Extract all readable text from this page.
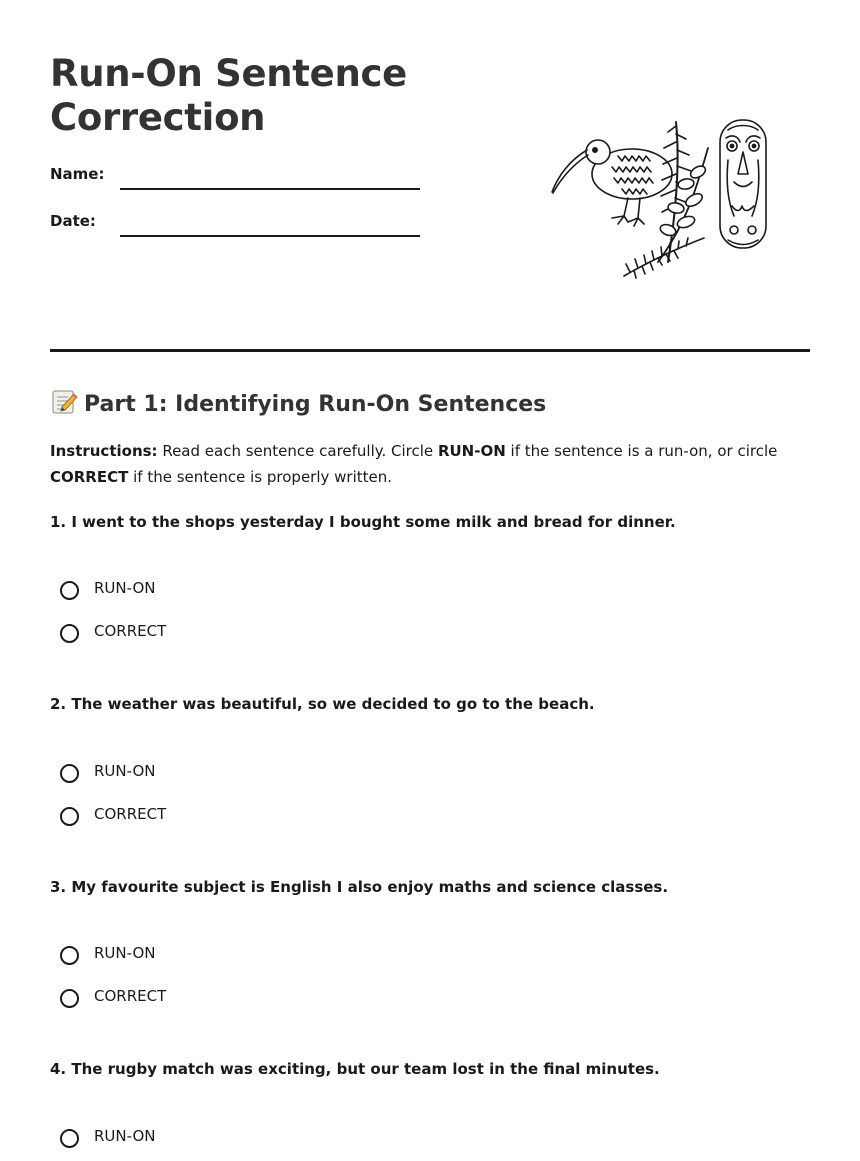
Run-On Sentence
Correction
Name:
Date:
Part 1: Identifying Run-On Sentences

Instructions: Read each sentence carefully. Circle RUN-ON if the sentence is a run-on, or circle CORRECT if the sentence is properly written.

1. I went to the shops yesterday I bought some milk and bread for dinner.

RUN-ON
CORRECT

2. The weather was beautiful, so we decided to go to the beach.

RUN-ON
CORRECT

3. My favourite subject is English I also enjoy maths and science classes.

RUN-ON
CORRECT

4. The rugby match was exciting, but our team lost in the final minutes.

RUN-ON
